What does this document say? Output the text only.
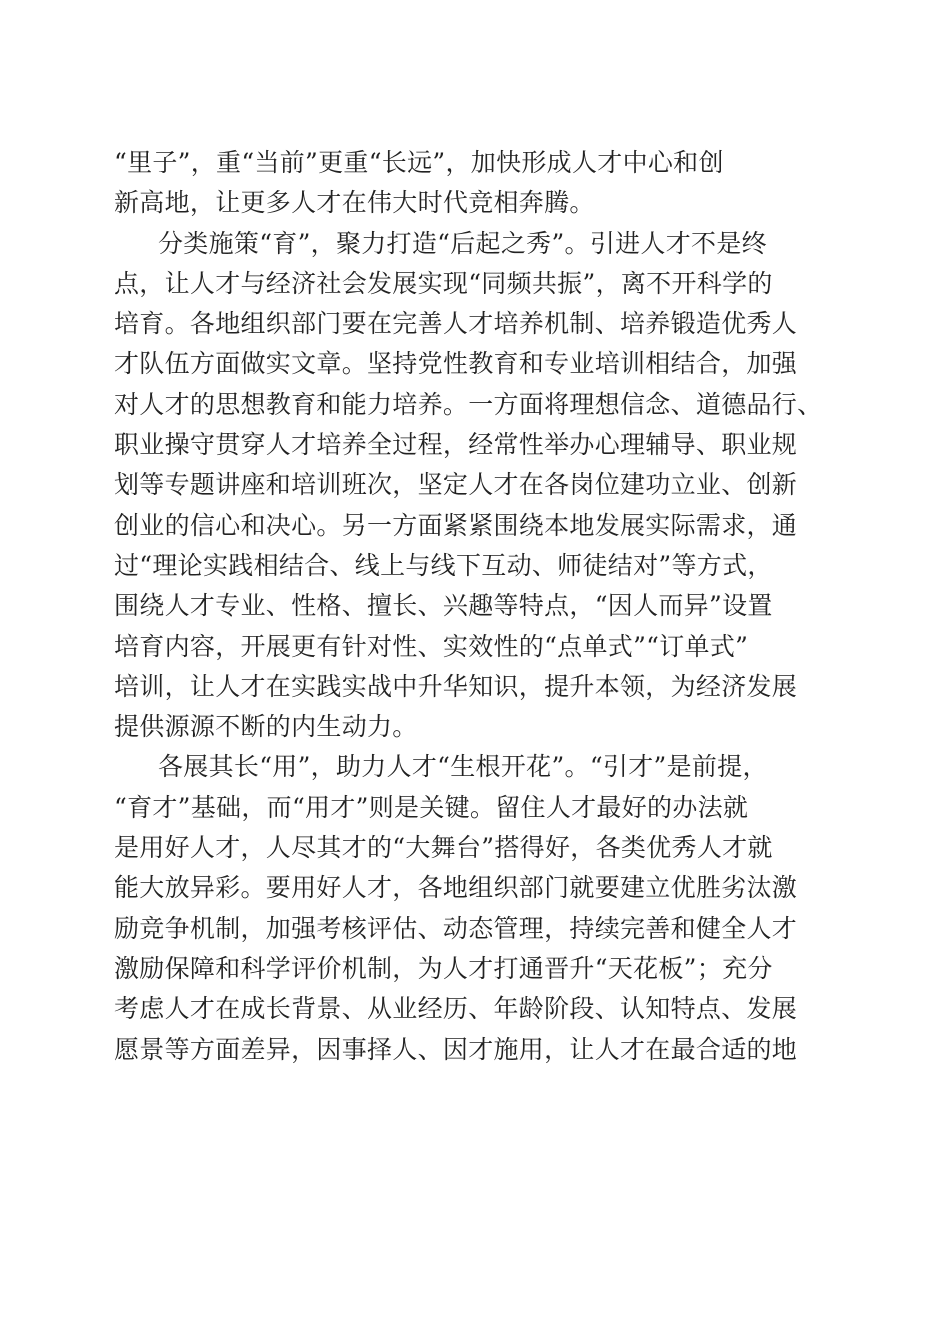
“里子”，重“当前”更重“长远”，加快形成人才中心和创
新高地，让更多人才在伟大时代竞相奔腾。
分类施策“育”，聚力打造“后起之秀”。引进人才不是终
点，让人才与经济社会发展实现“同频共振”，离不开科学的
培育。各地组织部门要在完善人才培养机制、培养锻造优秀人
才队伍方面做实文章。坚持党性教育和专业培训相结合，加强
对人才的思想教育和能力培养。一方面将理想信念、道德品行、
职业操守贯穿人才培养全过程，经常性举办心理辅导、职业规
划等专题讲座和培训班次，坚定人才在各岗位建功立业、创新
创业的信心和决心。另一方面紧紧围绕本地发展实际需求，通
过“理论实践相结合、线上与线下互动、师徒结对”等方式，
围绕人才专业、性格、擅长、兴趣等特点，“因人而异”设置
培育内容，开展更有针对性、实效性的“点单式”“订单式”
培训，让人才在实践实战中升华知识，提升本领，为经济发展
提供源源不断的内生动力。
各展其长“用”，助力人才“生根开花”。“引才”是前提，
“育才”基础，而“用才”则是关键。留住人才最好的办法就
是用好人才，人尽其才的“大舞台”搭得好，各类优秀人才就
能大放异彩。要用好人才，各地组织部门就要建立优胜劣汰激
励竞争机制，加强考核评估、动态管理，持续完善和健全人才
激励保障和科学评价机制，为人才打通晋升“天花板”；充分
考虑人才在成长背景、从业经历、年龄阶段、认知特点、发展
愿景等方面差异，因事择人、因才施用，让人才在最合适的地
